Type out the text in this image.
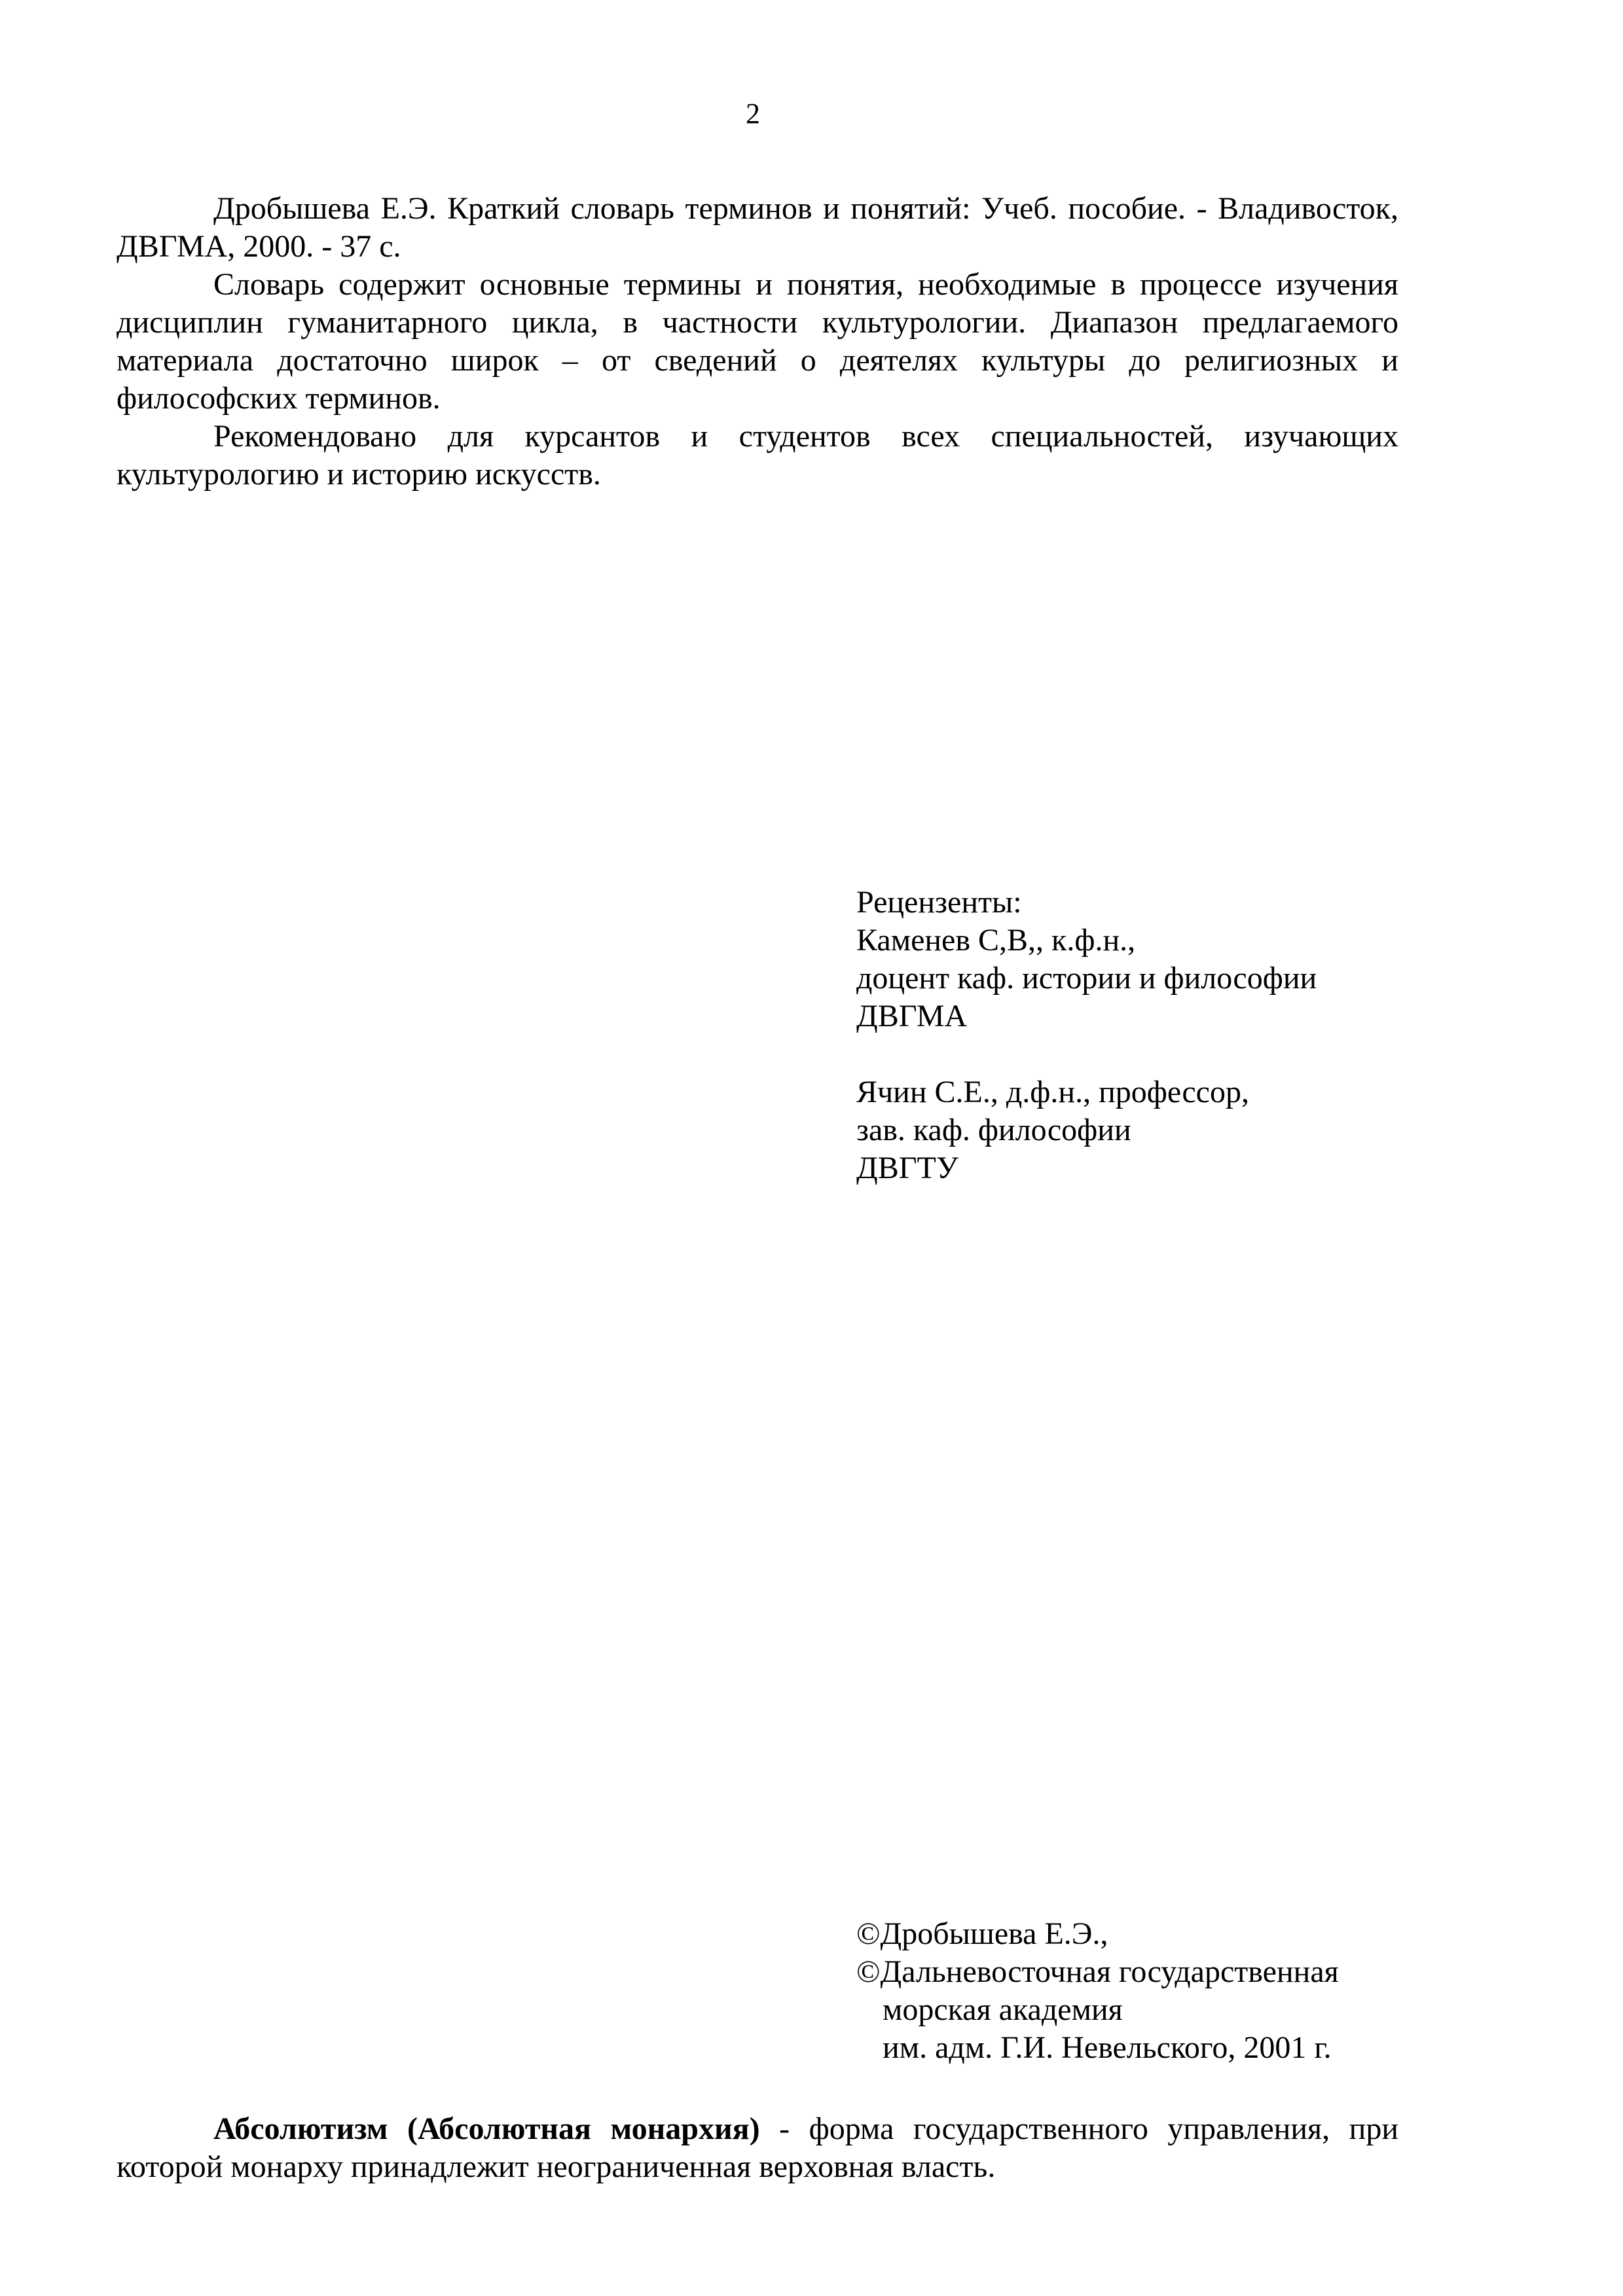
2

Дробышева Е.Э. Краткий словарь терминов и понятий: Учеб. пособие. - Владивосток, ДВГМА, 2000. - 37 с.

Словарь содержит основные термины и понятия, необходимые в процессе изучения дисциплин гуманитарного цикла, в частности культурологии. Диапазон предлагаемого материала достаточно широк – от сведений о деятелях культуры до религиозных и философских терминов.

Рекомендовано для курсантов и студентов всех специальностей, изучающих культурологию и историю искусств.

Рецензенты:
Каменев С,В,, к.ф.н.,
доцент каф. истории и философии
ДВГМА
Ячин С.Е., д.ф.н., профессор,
зав. каф. философии
ДВГТУ
©Дробышева Е.Э.,
©Дальневосточная государственная
морская академия
им. адм. Г.И. Невельского, 2001 г.

Абсолютизм (Абсолютная монархия) - форма государственного управления, при которой монарху принадлежит неограниченная верховная власть.
